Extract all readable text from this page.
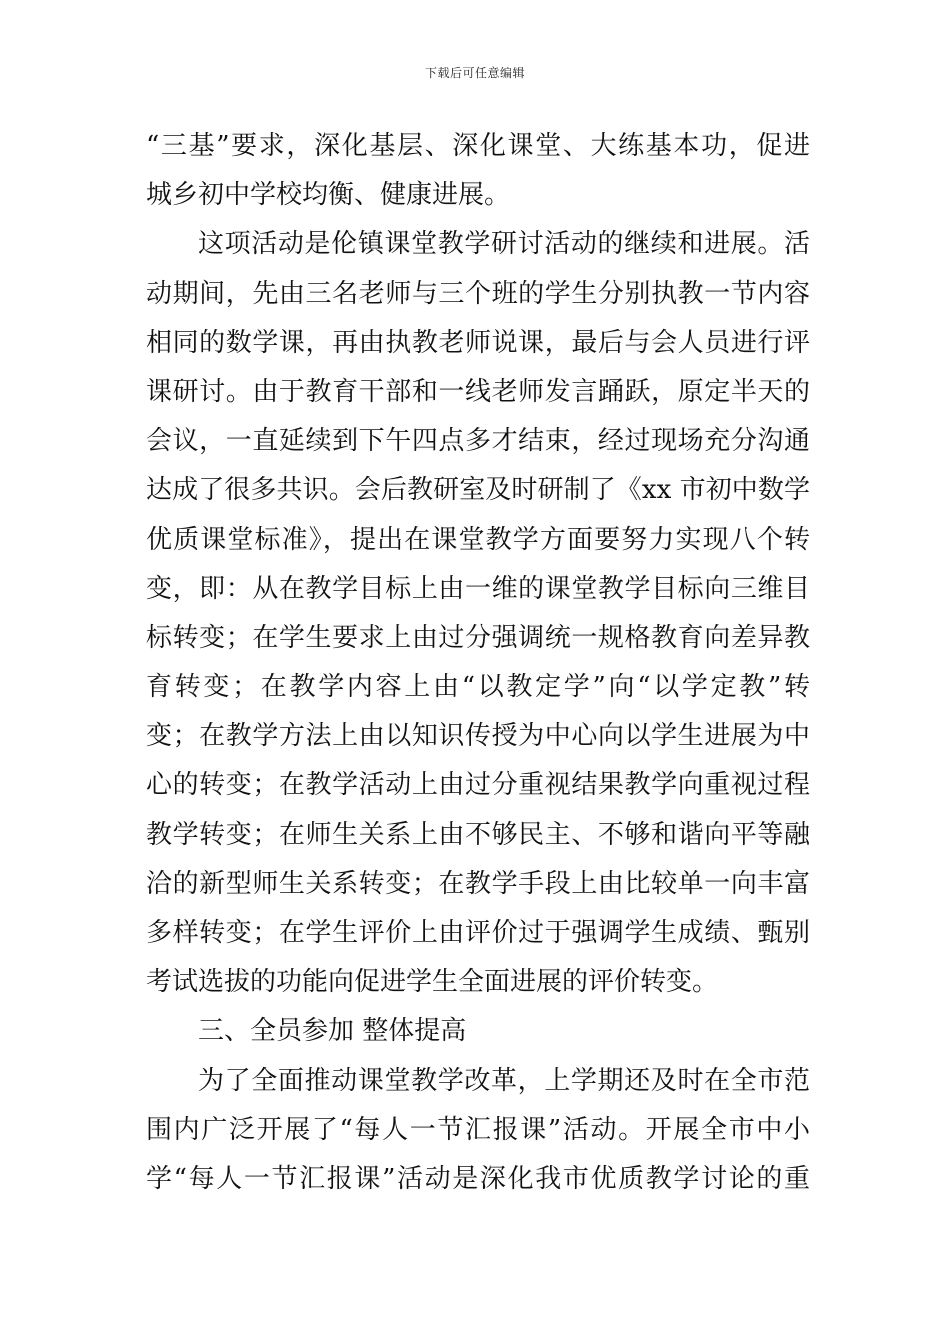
下载后可任意编辑
“三基”要求，深化基层、深化课堂、大练基本功，促进
城乡初中学校均衡、健康进展。
这项活动是伦镇课堂教学研讨活动的继续和进展。活
动期间，先由三名老师与三个班的学生分别执教一节内容
相同的数学课，再由执教老师说课，最后与会人员进行评
课研讨。由于教育干部和一线老师发言踊跃，原定半天的
会议，一直延续到下午四点多才结束，经过现场充分沟通
达成了很多共识。会后教研室及时研制了《xx 市初中数学
优质课堂标准》，提出在课堂教学方面要努力实现八个转
变，即：从在教学目标上由一维的课堂教学目标向三维目
标转变；在学生要求上由过分强调统一规格教育向差异教
育转变；在教学内容上由“以教定学”向“以学定教”转
变；在教学方法上由以知识传授为中心向以学生进展为中
心的转变；在教学活动上由过分重视结果教学向重视过程
教学转变；在师生关系上由不够民主、不够和谐向平等融
洽的新型师生关系转变；在教学手段上由比较单一向丰富
多样转变；在学生评价上由评价过于强调学生成绩、甄别
考试选拔的功能向促进学生全面进展的评价转变。
三、全员参加 整体提高
为了全面推动课堂教学改革，上学期还及时在全市范
围内广泛开展了“每人一节汇报课”活动。开展全市中小
学“每人一节汇报课”活动是深化我市优质教学讨论的重
